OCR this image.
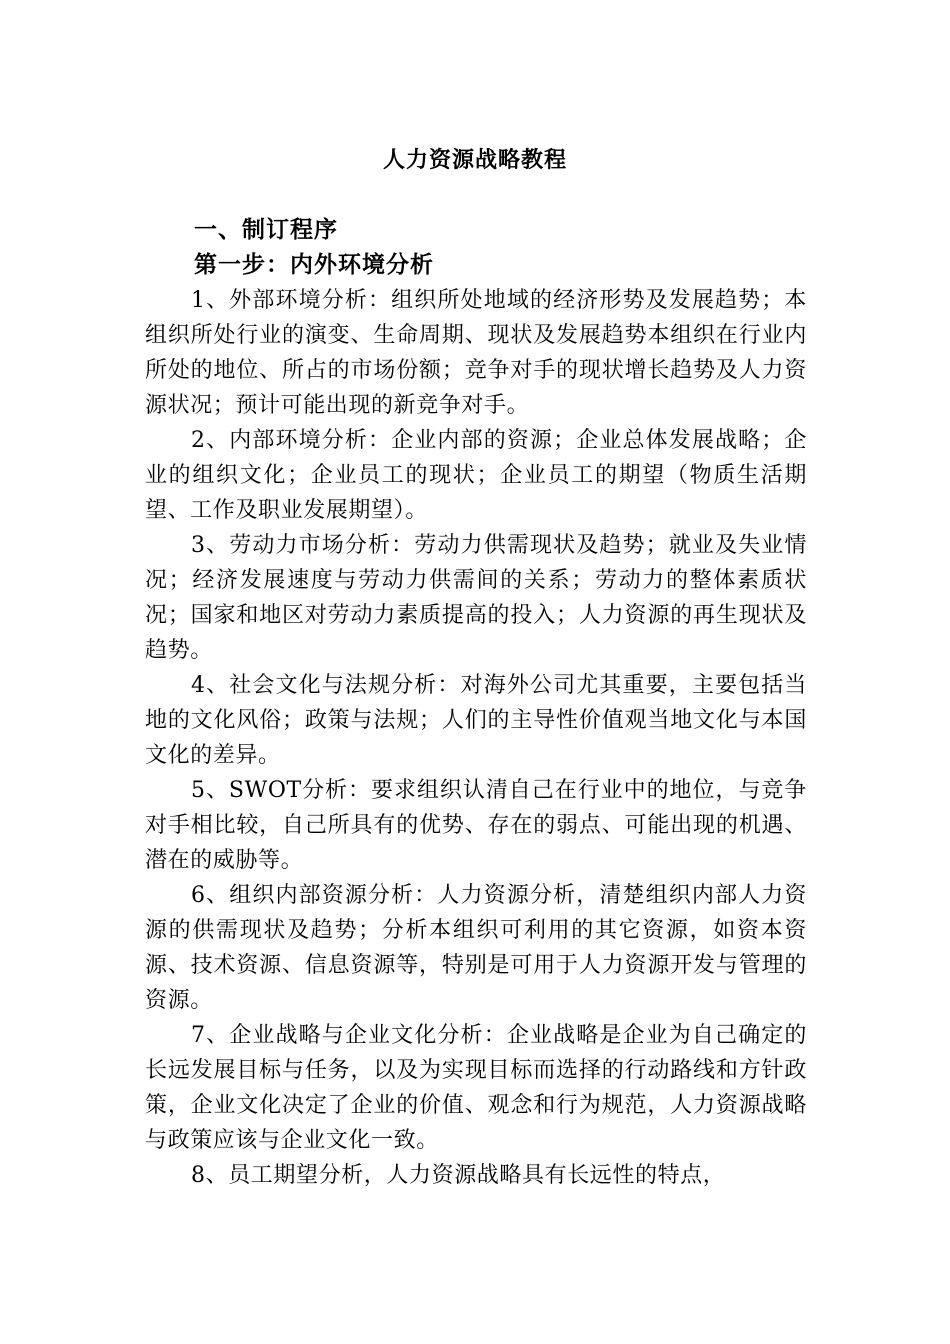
人力资源战略教程
一、制订程序
第一步：内外环境分析

1、外部环境分析：组织所处地域的经济形势及发展趋势；本组织所处行业的演变、生命周期、现状及发展趋势本组织在行业内所处的地位、所占的市场份额；竞争对手的现状增长趋势及人力资源状况；预计可能出现的新竞争对手。

2、内部环境分析：企业内部的资源；企业总体发展战略；企业的组织文化；企业员工的现状；企业员工的期望（物质生活期望、工作及职业发展期望）。

3、劳动力市场分析：劳动力供需现状及趋势；就业及失业情况；经济发展速度与劳动力供需间的关系；劳动力的整体素质状况；国家和地区对劳动力素质提高的投入；人力资源的再生现状及趋势。

4、社会文化与法规分析：对海外公司尤其重要，主要包括当地的文化风俗；政策与法规；人们的主导性价值观当地文化与本国文化的差异。

5、SWOT分析：要求组织认清自己在行业中的地位，与竞争对手相比较，自己所具有的优势、存在的弱点、可能出现的机遇、潜在的威胁等。

6、组织内部资源分析：人力资源分析，清楚组织内部人力资源的供需现状及趋势；分析本组织可利用的其它资源，如资本资源、技术资源、信息资源等，特别是可用于人力资源开发与管理的资源。

7、企业战略与企业文化分析：企业战略是企业为自己确定的长远发展目标与任务，以及为实现目标而选择的行动路线和方针政策，企业文化决定了企业的价值、观念和行为规范，人力资源战略与政策应该与企业文化一致。

8、员工期望分析，人力资源战略具有长远性的特点，
